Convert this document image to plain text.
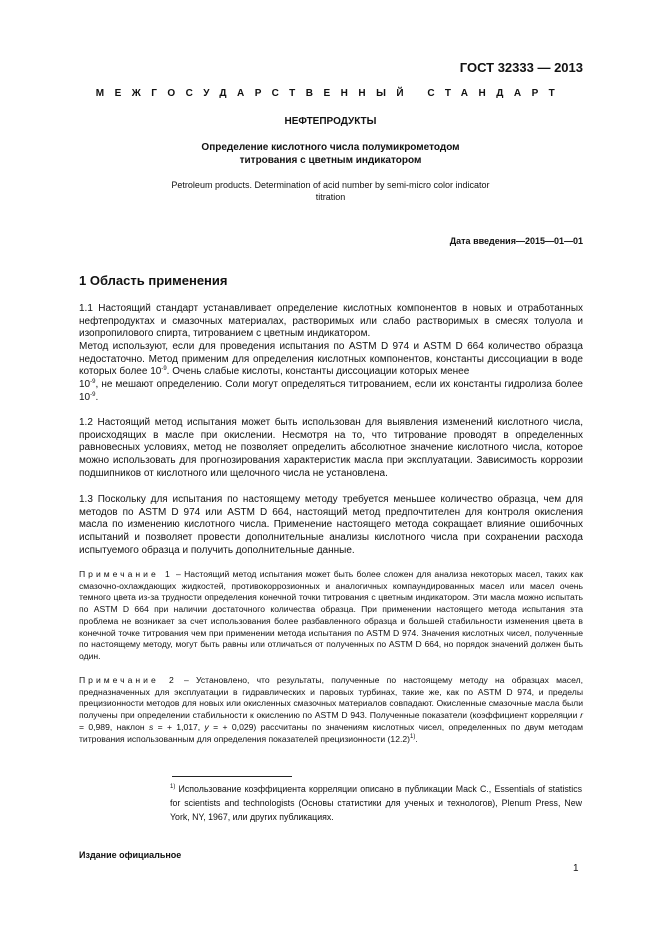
ГОСТ 32333 — 2013
МЕЖГОСУДАРСТВЕННЫЙ СТАНДАРТ
НЕФТЕПРОДУКТЫ
Определение кислотного числа полумикрометодом
титрования с цветным индикатором
Petroleum products. Determination of acid number by semi-micro color indicator
titration
Дата введения—2015—01—01
1 Область применения
1.1 Настоящий стандарт устанавливает определение кислотных компонентов в новых и отработанных нефтепродуктах и смазочных материалах, растворимых или слабо растворимых в смесях толуола и изопропилового спирта, титрованием с цветным индикатором.
Метод используют, если для проведения испытания по ASTM D 974 и ASTM D 664 количество образца недостаточно. Метод применим для определения кислотных компонентов, константы диссоциации в воде которых более $10^{-9}$. Очень слабые кислоты, константы диссоциации которых менее
$10^{-9}$, не мешают определению. Соли могут определяться титрованием, если их константы гидролиза более $10^{-9}$.
1.2 Настоящий метод испытания может быть использован для выявления изменений кислотного числа, происходящих в масле при окислении. Несмотря на то, что титрование проводят в определенных равновесных условиях, метод не позволяет определить абсолютное значение кислотного числа, которое можно использовать для прогнозирования характеристик масла при эксплуатации. Зависимость коррозии подшипников от кислотного или щелочного числа не установлена.
1.3 Поскольку для испытания по настоящему методу требуется меньшее количество образца, чем для методов по ASTM D 974 или ASTM D 664, настоящий метод предпочтителен для контроля окисления масла по изменению кислотного числа. Применение настоящего метода сокращает влияние ошибочных испытаний и позволяет провести дополнительные анализы кислотного числа при сохранении расхода испытуемого образца и получить дополнительные данные.
Примечание 1 – Настоящий метод испытания может быть более сложен для анализа некоторых масел, таких как смазочно-охлаждающих жидкостей, противокоррозионных и аналогичных компаундированных масел или масел очень темного цвета из-за трудности определения конечной точки титрования с цветным индикатором. Эти масла можно испытать по ASTM D 664 при наличии достаточного количества образца. При применении настоящего метода испытания эта проблема не возникает за счет использования более разбавленного образца и большей стабильности изменения цвета в конечной точке титрования чем при применении метода испытания по ASTM D 974. Значения кислотных чисел, полученные по настоящему методу, могут быть равны или отличаться от полученных по ASTM D 664, но порядок значений должен быть один.
Примечание 2 – Установлено, что результаты, полученные по настоящему методу на образцах масел, предназначенных для эксплуатации в гидравлических и паровых турбинах, такие же, как по ASTM D 974, и пределы прецизионности методов для новых или окисленных смазочных материалов совпадают. Окисленные смазочные масла были получены при определении стабильности к окислению по ASTM D 943. Полученные показатели (коэффициент корреляции r = 0,989, наклон s = + 1,017, у = + 0,029) рассчитаны по значениям кислотных чисел, определенных по двум методам титрования использованным для определения показателей прецизионности $(12.2)^{1)}$.
$^{1)}$ Использование коэффициента корреляции описано в публикации Mack C., Essentials of statistics for scientists and technologists (Основы статистики для ученых и технологов), Plenum Press, New York, NY, 1967, или других публикациях.
Издание официальное
1
